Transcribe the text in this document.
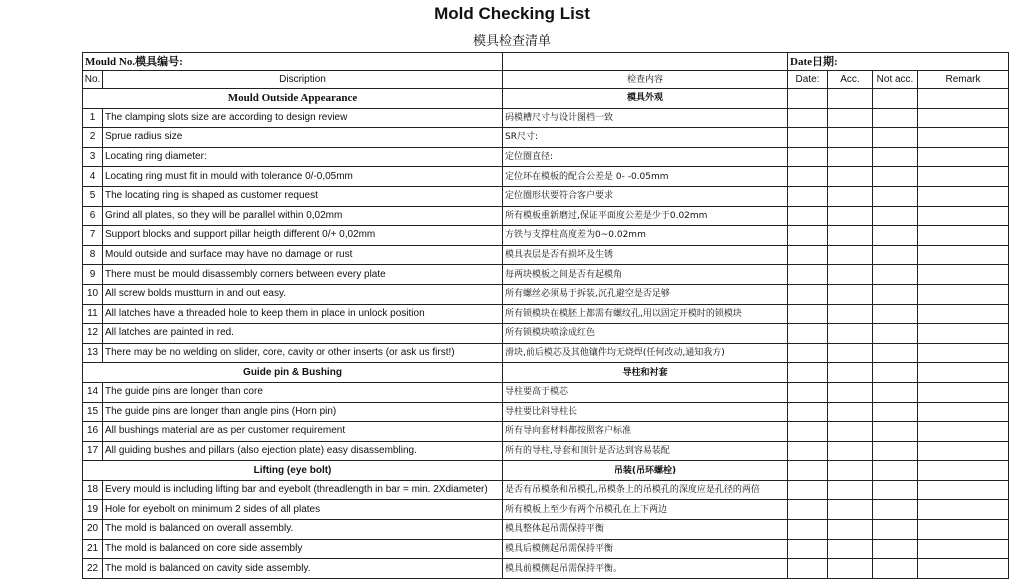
Mold Checking List
模具检查清单
Mould No.模具编号:			Date日期:			
No.	Discription	检查内容	Date:	Acc.	Not acc.	Remark
Mould Outside Appearance		模具外观				
1	The clamping slots size are according to design review	码模槽尺寸与设计图档一致				
2	Sprue radius size	SR尺寸:				
3	Locating ring diameter:	定位圈直径:				
4	Locating ring must fit in mould with tolerance 0/-0,05mm	定位环在模板的配合公差是 0- -0.05mm				
5	The locating ring is shaped as customer request	定位圈形状要符合客户要求				
6	Grind all plates, so they will be parallel within 0,02mm	所有模板重新磨过,保证平面度公差是少于0.02mm				
7	Support blocks and support pillar heigth different 0/+ 0,02mm	方铁与支撑柱高度差为0~0.02mm				
8	Mould outside and surface may have no damage or rust	模具表层是否有损坏及生锈				
9	There must be mould disassembly corners between every plate	每两块模板之间是否有起模角				
10	All screw bolds mustturn in and out easy.	所有螺丝必须易于拆装,沉孔避空是否足够				
11	All latches have a threaded hole to keep them in place in unlock position	所有锁模块在模胚上都需有螺纹孔,用以固定开模时的锁模块				
12	All latches are painted in red.	所有锁模块喷涂成红色				
13	There may be no welding on slider, core, cavity or other inserts (or ask us first!)	滑块,前后模芯及其他镶件均无烧焊(任何改动,通知我方)				
Guide pin & Bushing		导柱和衬套				
14	The guide pins are longer than core	导柱要高于模芯				
15	The guide pins are longer than angle pins (Horn pin)	导柱要比斜导柱长				
16	All bushings material are as per customer requirement	所有导向套材料都按照客户标准				
17	All guiding bushes and pillars (also ejection plate) easy disassembling.	所有的导柱,导套和顶针是否达到容易装配				
Lifting (eye bolt)		吊装(吊环螺栓)				
18	Every mould is including lifting bar and eyebolt (threadlength in bar = min. 2Xdiameter)	是否有吊模条和吊模孔,吊模条上的吊模孔的深度应是孔径的两倍				
19	Hole for eyebolt on minimum 2 sides of all plates	所有模板上至少有两个吊模孔在上下两边				
20	The mold is balanced on overall assembly.	模具整体起吊需保持平衡				
21	The mold is balanced on core side assembly	模具后模侧起吊需保持平衡				
22	The mold is balanced on cavity side assembly.	模具前模侧起吊需保持平衡。				
